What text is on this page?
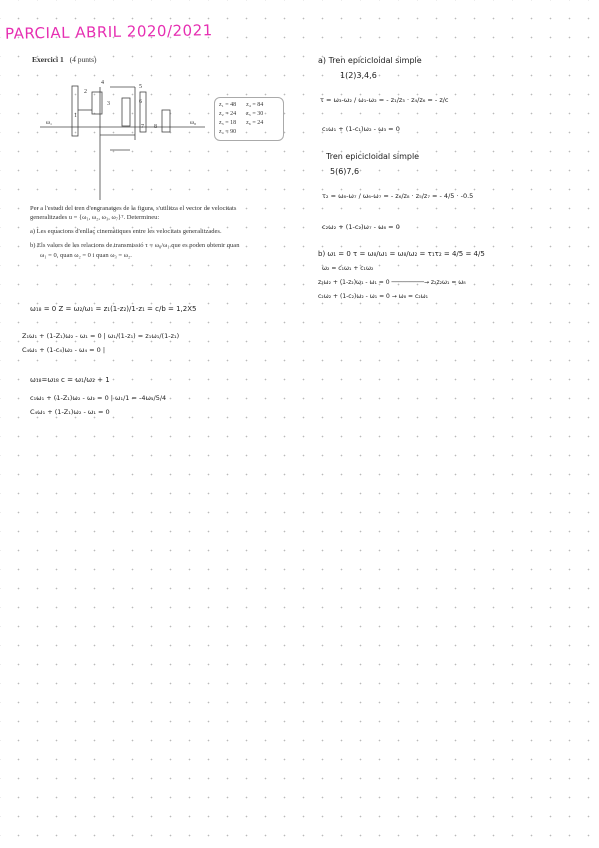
PARCIAL ABRIL 2020/2021
Exercici 1 (4 punts)
1
2
3
4
5
6
7 8
ω₁	ω₈
z₁ = 48 z₄ = 84
z₂ = 24 z₅ = 30
z₃ = 18 z₆ = 24
z₄ = 90
Per a l'estudi del tren d'engranatges de la figura, s'utilitza el vector de velocitats
generalitzades u = {ω₁, ω₂, ω₃, ω₇}ᵀ. Determineu:
a) Les equacions d'enllaç cinemàtiques entre les velocitats generalitzades.
b) Els valors de les relacions de transmissió τ = ω₈/ω₁ que es poden obtenir quan
ω₁ = 0, quan ω₂ = 0 i quan ω₃ = ω₂.
ω₁₈ = 0 Z = ω₂/ω₁ = z₁(1-z₂)/1-z₁ = c/b = 1,2X5
Z₁ω₁ + (1-Z₁)ω₂ - ω₁ = 0 | ω₁/(1-z₁) = z₁ω₁/(1-z₁)
C₄ω₁ + (1-c₄)ω₂ - ω₄ = 0 |
ω₁₈=ω₁₈ c = ω₁/ω₂ + 1
c₁ω₁ + (1-Z₁)ω₂ - ω₁ = 0 | ω₁/1 = -4ω₁/5/4
C₄ω₁ + (1-Z₁)ω₂ - ω₁ = 0
a) Tren epicicloidal simple
1(2)3,4,6
τ = ω₃-ω₂ / ω₁-ω₂ = - z₁/z₃ · z₄/z₆ = - z/c
c₁ω₁ + (1-c₁)ω₂ - ω₃ = 0
Tren epicicloidal simple
5(6)7,6
τ₂ = ω₈-ω₇ / ω₆-ω₇ = - z₆/z₈ · z₅/z₇ = - 4/5 · -0.5
c₂ω₂ + (1-c₂)ω₇ - ω₈ = 0
b) ω₁ = 0 τ = ω₈/ω₁ = ω₈/ω₂ = τ₁τ₂ = 4/5 = 4/5
ω₂ = c₁ω₁ + c₁ω₂
z₂ω₂ + (1-z₂)ω₁ - ω₁ = 0 ─────────→ z₂z₂ω₁ = ω₈
c₂ω₂ + (1-c₂)ω₂ - ω₁ = 0 → ω₈ = c₂ω₁
